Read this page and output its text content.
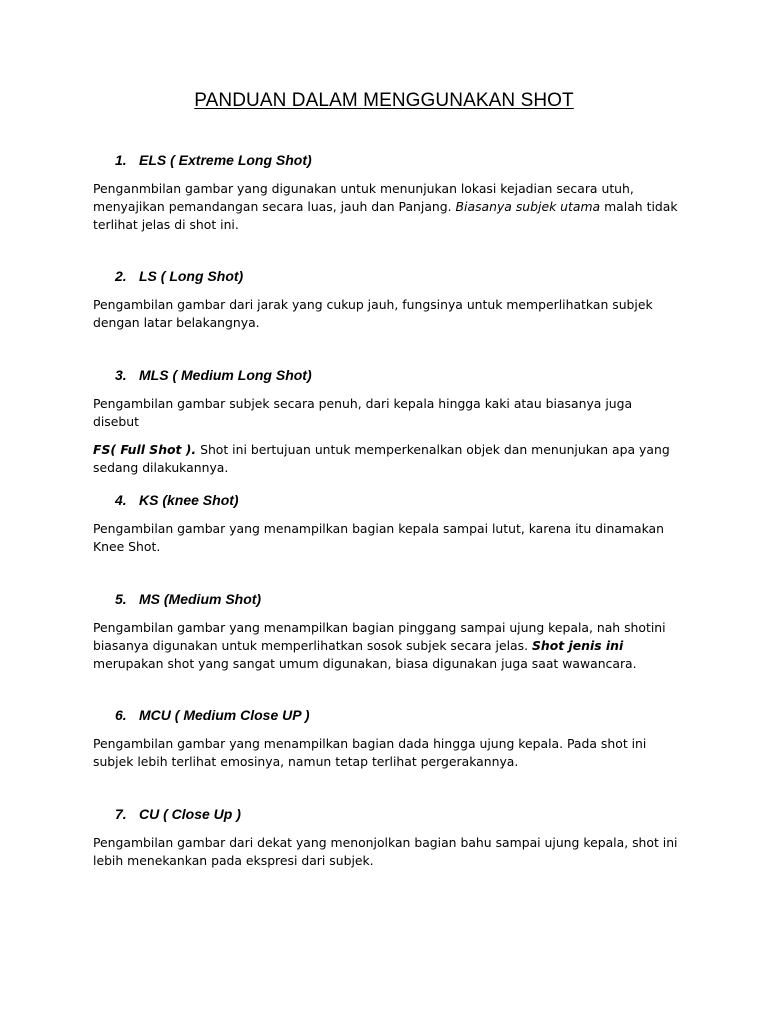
PANDUAN DALAM MENGGUNAKAN SHOT
1. ELS ( Extreme Long Shot)

Penganmbilan gambar yang digunakan untuk menunjukan lokasi kejadian secara utuh, menyajikan pemandangan secara luas, jauh dan Panjang. Biasanya subjek utama malah tidak terlihat jelas di shot ini.

2. LS ( Long Shot)

Pengambilan gambar dari jarak yang cukup jauh, fungsinya untuk memperlihatkan subjek dengan latar belakangnya.

3. MLS ( Medium Long Shot)

Pengambilan gambar subjek secara penuh, dari kepala hingga kaki atau biasanya juga disebut

FS( Full Shot ). Shot ini bertujuan untuk memperkenalkan objek dan menunjukan apa yang sedang dilakukannya.

4. KS (knee Shot)

Pengambilan gambar yang menampilkan bagian kepala sampai lutut, karena itu dinamakan Knee Shot.

5. MS (Medium Shot)

Pengambilan gambar yang menampilkan bagian pinggang sampai ujung kepala, nah shotini biasanya digunakan untuk memperlihatkan sosok subjek secara jelas. Shot jenis ini merupakan shot yang sangat umum digunakan, biasa digunakan juga saat wawancara.

6. MCU ( Medium Close UP )

Pengambilan gambar yang menampilkan bagian dada hingga ujung kepala. Pada shot ini subjek lebih terlihat emosinya, namun tetap terlihat pergerakannya.

7. CU ( Close Up )

Pengambilan gambar dari dekat yang menonjolkan bagian bahu sampai ujung kepala, shot ini lebih menekankan pada ekspresi dari subjek.
